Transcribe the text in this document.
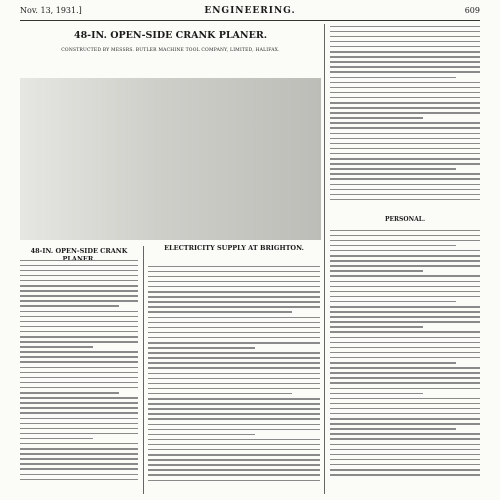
Nov. 13, 1931.]	ENGINEERING.	609
48-IN. OPEN-SIDE CRANK PLANER.
CONSTRUCTED BY MESSRS. BUTLER MACHINE TOOL COMPANY, LIMITED, HALIFAX.
48-IN. OPEN-SIDE CRANK	ELECTRICITY SUPPLY AT BRIGHTON.
PERSONAL.
